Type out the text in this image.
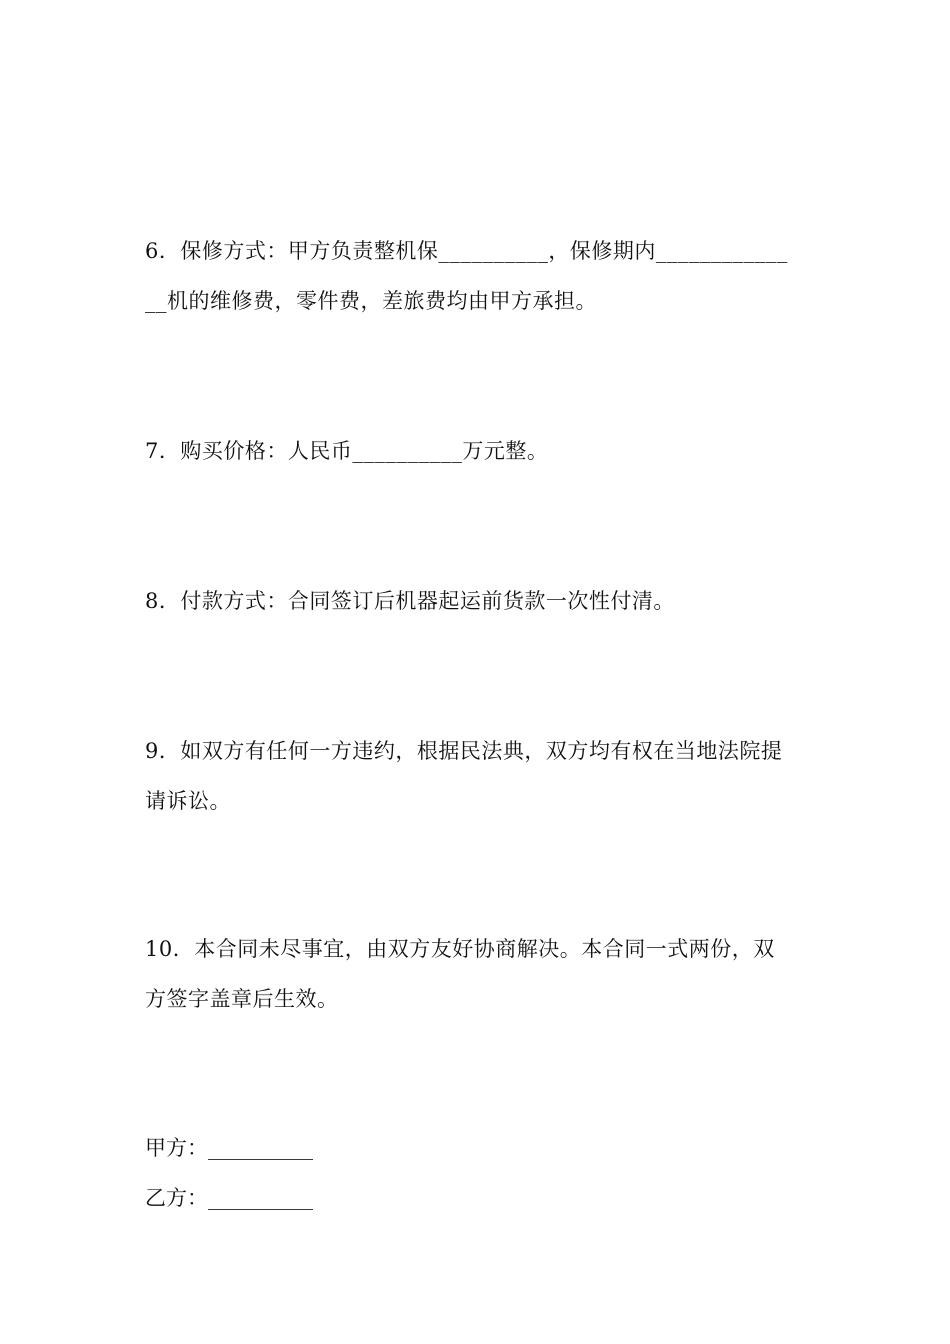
6．保修方式：甲方负责整机保__________，保修期内____________
__机的维修费，零件费，差旅费均由甲方承担。
7．购买价格：人民币__________万元整。
8．付款方式：合同签订后机器起运前货款一次性付清。
9．如双方有任何一方违约，根据民法典，双方均有权在当地法院提
请诉讼。
10．本合同未尽事宜，由双方友好协商解决。本合同一式两份，双
方签字盖章后生效。
甲方：__________
乙方：__________
